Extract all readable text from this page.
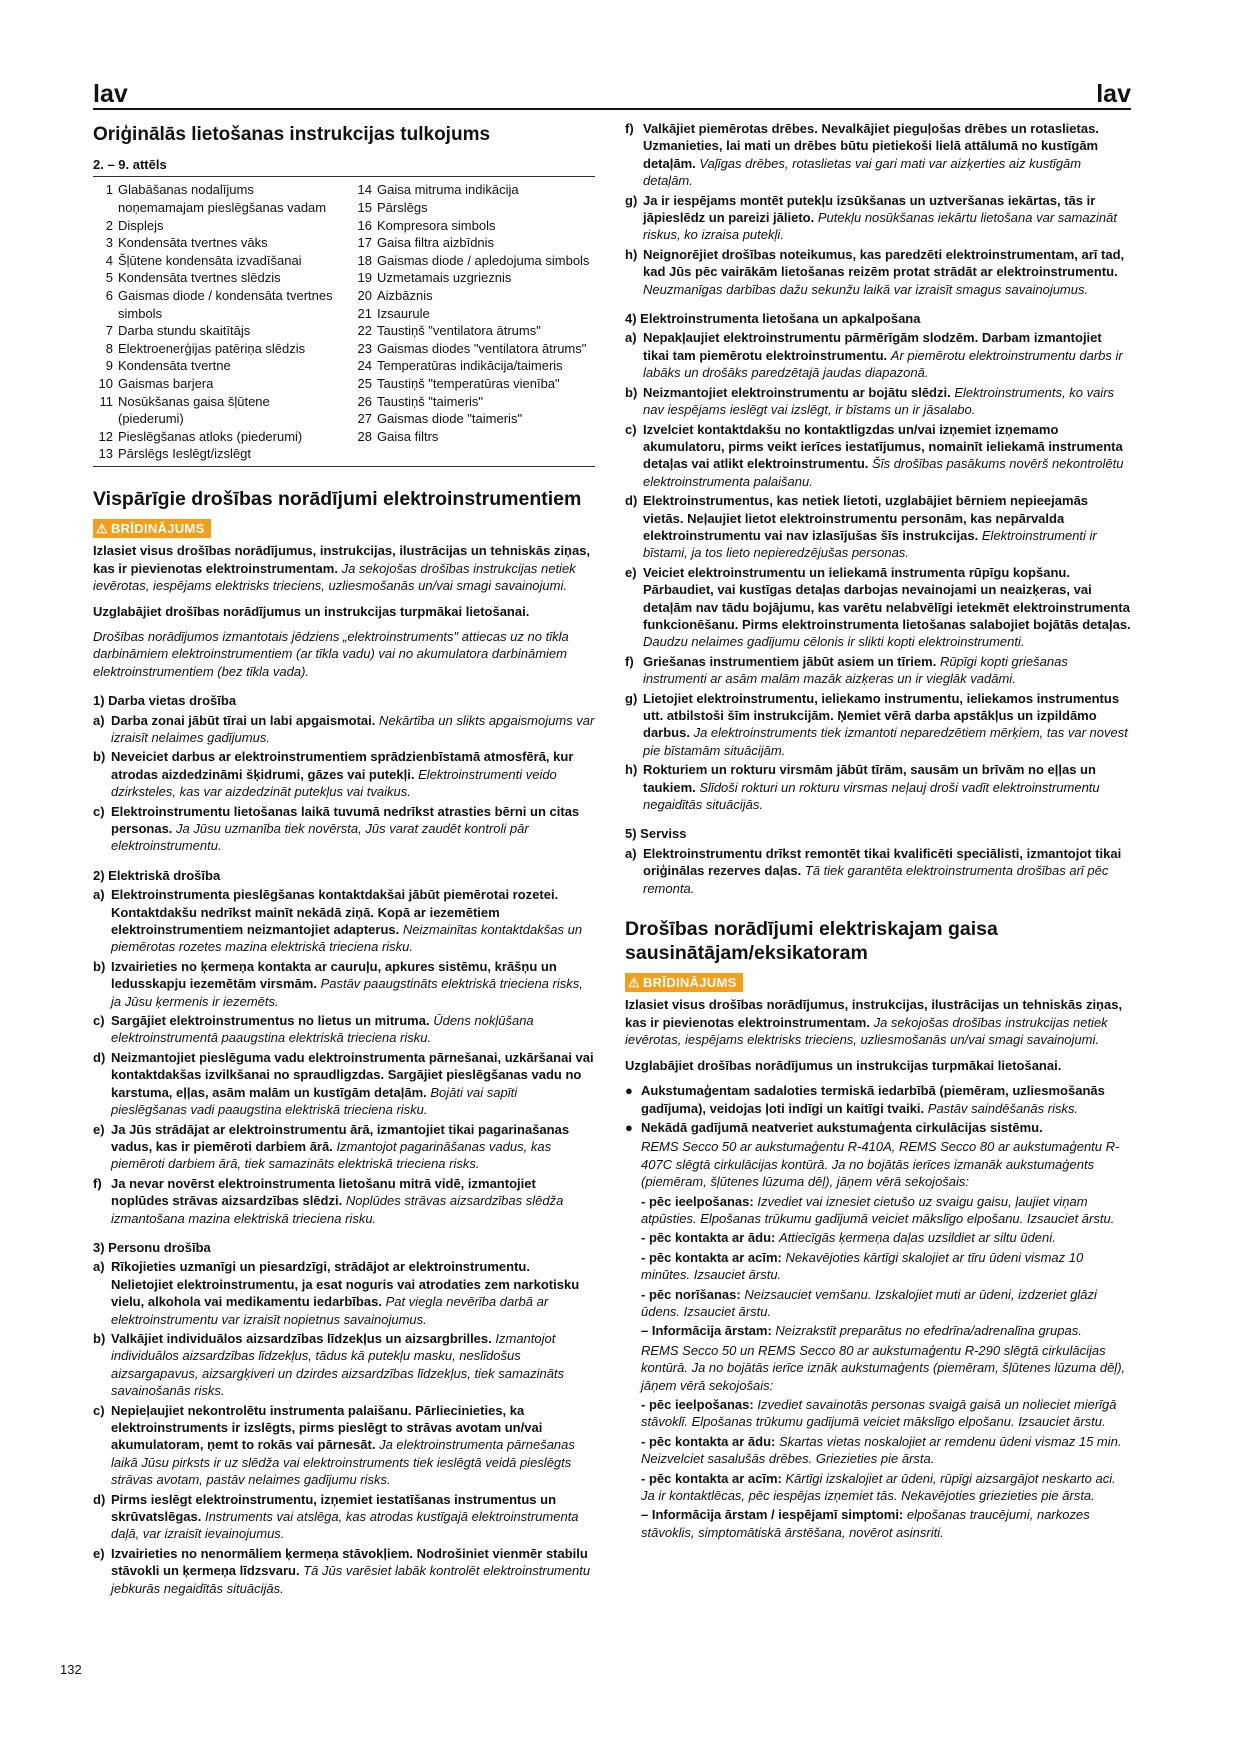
lav	lav
Oriģinālās lietošanas instrukcijas tulkojums
2. – 9. attēls
1 Glabāšanas nodalījums noņemamajam pieslēgšanas vadam
2 Displejs
3 Kondensāta tvertnes vāks
4 Šļūtene kondensāta izvadīšanai
5 Kondensāta tvertnes slēdzis
6 Gaismas diode / kondensāta tvertnes simbols
7 Darba stundu skaitītājs
8 Elektroenerģijas patēriņa slēdzis
9 Kondensāta tvertne
10 Gaismas barjera
11 Nosūkšanas gaisa šļūtene (piederumi)
12 Pieslēgšanas atloks (piederumi)
13 Pārslēgs Ieslēgt/izslēgt
14 Gaisa mitruma indikācija
15 Pārslēgs
16 Kompresora simbols
17 Gaisa filtra aizbīdnis
18 Gaismas diode / apledojuma simbols
19 Uzmetamais uzgrieznis
20 Aizbāznis
21 Izsaurule
22 Taustiņš "ventilatora ātrums"
23 Gaismas diodes "ventilatora ātrums"
24 Temperatūras indikācija/taimeris
25 Taustiņš "temperatūras vienība"
26 Taustiņš "taimeris"
27 Gaismas diode "taimeris"
28 Gaisa filtrs
Vispārīgie drošības norādījumi elektroinstrumentiem
⚠ BRĪDINĀJUMS

Izlasiet visus drošības norādījumus, instrukcijas, ilustrācijas un tehniskās ziņas, kas ir pievienotas elektroinstrumentam. Ja sekojošas drošības instrukcijas netiek ievērotas, iespējams elektrisks trieciens, uzliesmošanās un/vai smagi savainojumi.

Uzglabājiet drošības norādījumus un instrukcijas turpmākai lietošanai.

Drošības norādījumos izmantotais jēdziens „elektroinstruments" attiecas uz no tīkla darbināmiem elektroinstrumentiem (ar tīkla vadu) vai no akumulatora darbināmiem elektroinstrumentiem (bez tīkla vada).

1) Darba vietas drošība
a) Darba zonai jābūt tīrai un labi apgaismotai. Nekārtība un slikts apgaismojums var izraisīt nelaimes gadījumus.
b) Neveiciet darbus ar elektroinstrumentiem sprādzienbīstamā atmosfērā, kur atrodas aizdedzināmi šķidrumi, gāzes vai putekļi. Elektroinstrumenti veido dzirksteles, kas var aizdedzināt putekļus vai tvaikus.
c) Elektroinstrumentu lietošanas laikā tuvumā nedrīkst atrasties bērni un citas personas. Ja Jūsu uzmanība tiek novērsta, Jūs varat zaudēt kontroli pār elektroinstrumentu.
2) Elektriskā drošība
a) Elektroinstrumenta pieslēgšanas kontaktdakšai jābūt piemērotai rozetei. Kontaktdakšu nedrīkst mainīt nekādā ziņā. Kopā ar iezemētiem elektroinstrumentiem neizmantojiet adapterus. Neizmainītas kontaktdakšas un piemērotas rozetes mazina elektriskā trieciena risku.
b) Izvairieties no ķermeņa kontakta ar cauruļu, apkures sistēmu, krāšņu un ledusskapju iezemētām virsmām. Pastāv paaugstināts elektriskā trieciena risks, ja Jūsu ķermenis ir iezemēts.
c) Sargājiet elektroinstrumentus no lietus un mitruma. Ūdens nokļūšana elektroinstrumentā paaugstina elektriskā trieciena risku.
d) Neizmantojiet pieslēguma vadu elektroinstrumenta pārnešanai, uzkāršanai vai kontaktdakšas izvilkšanai no spraudligzdas. Sargājiet pieslēgšanas vadu no karstuma, eļļas, asām malām un kustīgām detaļām. Bojāti vai sapīti pieslēgšanas vadi paaugstina elektriskā trieciena risku.
e) Ja Jūs strādājat ar elektroinstrumentu ārā, izmantojiet tikai pagarinašanas vadus, kas ir piemēroti darbiem ārā. Izmantojot pagarināšanas vadus, kas piemēroti darbiem ārā, tiek samazināts elektriskā trieciena risks.
f) Ja nevar novērst elektroinstrumenta lietošanu mitrā vidē, izmantojiet noplūdes strāvas aizsardzības slēdzi. Noplūdes strāvas aizsardzības slēdža izmantošana mazina elektriskā trieciena risku.
3) Personu drošība
a) Rīkojieties uzmanīgi un piesardzīgi, strādājot ar elektroinstrumentu. Nelietojiet elektroinstrumentu, ja esat noguris vai atrodaties zem narkotisku vielu, alkohola vai medikamentu iedarbības. Pat viegla nevērība darbā ar elektroinstrumentu var izraisīt nopietnus savainojumus.
b) Valkājiet individuālos aizsardzības līdzekļus un aizsargbrilles. Izmantojot individuālos aizsardzības līdzekļus, tādus kā putekļu masku, neslīdošus aizsargapavus, aizsargķiveri un dzirdes aizsardzības līdzekļus, tiek samazināts savainošanās risks.
c) Nepieļaujiet nekontrolētu instrumenta palaišanu. Pārliecinieties, ka elektroinstruments ir izslēgts, pirms pieslēgt to strāvas avotam un/vai akumulatoram, ņemt to rokās vai pārnesāt. Ja elektroinstrumenta pārnešanas laikā Jūsu pirksts ir uz slēdža vai elektroinstruments tiek ieslēgtā veidā pieslēgts strāvas avotam, pastāv nelaimes gadījumu risks.
d) Pirms ieslēgt elektroinstrumentu, izņemiet iestatīšanas instrumentus un skrūvatslēgas. Instruments vai atslēga, kas atrodas kustīgajā elektroinstrumenta daļā, var izraisīt ievainojumus.
e) Izvairieties no nenormāliem ķermeņa stāvokļiem. Nodrošiniet vienmēr stabilu stāvokli un ķermeņa līdzsvaru. Tā Jūs varēsiet labāk kontrolēt elektroinstrumentu jebkurās negaidītās situācijās.
f) Valkājiet piemērotas drēbes. Nevalkājiet pieguļošas drēbes un rotaslietas. Uzmanieties, lai mati un drēbes būtu pietiekoši lielā attālumā no kustīgām detaļām. Vaļīgas drēbes, rotaslietas vai gari mati var aizķerties aiz kustīgām detaļām.
g) Ja ir iespējams montēt putekļu izsūkšanas un uztveršanas iekārtas, tās ir jāpieslēdz un pareizi jālieto. Putekļu nosūkšanas iekārtu lietošana var samazināt riskus, ko izraisa putekļi.
h) Neignorējiet drošības noteikumus, kas paredzēti elektroinstrumentam, arī tad, kad Jūs pēc vairākām lietošanas reizēm protat strādāt ar elektroinstrumentu. Neuzmanīgas darbības dažu sekunžu laikā var izraisīt smagus savainojumus.
4) Elektroinstrumenta lietošana un apkalpošana
a) Nepakļaujiet elektroinstrumentu pārmērīgām slodzēm. Darbam izmantojiet tikai tam piemērotu elektroinstrumentu. Ar piemērotu elektroinstrumentu darbs ir labāks un drošāks paredzētajā jaudas diapazonā.
b) Neizmantojiet elektroinstrumentu ar bojātu slēdzi. Elektroinstruments, ko vairs nav iespējams ieslēgt vai izslēgt, ir bīstams un ir jāsalabo.
c) Izvelciet kontaktdakšu no kontaktligzdas un/vai izņemiet izņemamo akumulatoru, pirms veikt ierīces iestatījumus, nomainīt ieliekamā instrumenta detaļas vai atlikt elektroinstrumentu. Šīs drošības pasākums novērš nekontrolētu elektroinstrumenta palaišanu.
d) Elektroinstrumentus, kas netiek lietoti, uzglabājiet bērniem nepieejamās vietās. Neļaujiet lietot elektroinstrumentu personām, kas nepārvalda elektroinstrumentu vai nav izlasījušas šīs instrukcijas. Elektroinstrumenti ir bīstami, ja tos lieto nepieredzējušas personas.
e) Veiciet elektroinstrumentu un ieliekamā instrumenta rūpīgu kopšanu. Pārbaudiet, vai kustīgas detaļas darbojas nevainojami un neaizķeras, vai detaļām nav tādu bojājumu, kas varētu nelabvēlīgi ietekmēt elektroinstrumenta funkcionēšanu. Pirms elektroinstrumenta lietošanas salabojiet bojātās detaļas. Daudzu nelaimes gadījumu cēlonis ir slikti kopti elektroinstrumenti.
f) Griešanas instrumentiem jābūt asiem un tīriem. Rūpīgi kopti griešanas instrumenti ar asām malām mazāk aizķeras un ir vieglāk vadāmi.
g) Lietojiet elektroinstrumentu, ieliekamo instrumentu, ieliekamos instrumentus utt. atbilstoši šīm instrukcijām. Ņemiet vērā darba apstākļus un izpildāmo darbus. Ja elektroinstruments tiek izmantoti neparedzētiem mērķiem, tas var novest pie bīstamām situācijām.
h) Rokturiem un rokturu virsmām jābūt tīrām, sausām un brīvām no eļļas un taukiem. Slīdoši rokturi un rokturu virsmas neļauj droši vadīt elektroinstrumentu negaidītās situācijās.
5) Serviss
a) Elektroinstrumentu drīkst remontēt tikai kvalificēti speciālisti, izmantojot tikai oriģinālas rezerves daļas. Tā tiek garantēta elektroinstrumenta drošības arī pēc remonta.
Drošības norādījumi elektriskajam gaisa sausinātājam/eksikatoram
⚠ BRĪDINĀJUMS

Izlasiet visus drošības norādījumus, instrukcijas, ilustrācijas un tehniskās ziņas, kas ir pievienotas elektroinstrumentam. Ja sekojošas drošības instrukcijas netiek ievērotas, iespējams elektrisks trieciens, uzliesmošanās un/vai smagi savainojumi.

Uzglabājiet drošības norādījumus un instrukcijas turpmākai lietošanai.

● Aukstumaģentam sadaloties termiskā iedarbībā (piemēram, uzliesmošanās gadījuma), veidojas ļoti indīgi un kaitīgi tvaiki. Pastāv saindēšanās risks.
● Nekādā gadījumā neatveriet aukstumaģenta cirkulācijas sistēmu.
REMS Secco 50 ar aukstumaģentu R-410A, REMS Secco 80 ar aukstumaģentu R-407C slēgtā cirkulācijas kontūrā. Ja no bojātās ierīces izmanāk aukstumaģents (piemēram, šļūtenes lūzuma dēļ), jāņem vērā sekojošais:
- pēc ieelpošanas: Izvediet vai iznesiet cietušo uz svaigu gaisu, ļaujiet viņam atpūsties. Elpošanas trūkumu gadījumā veiciet mākslīgo elpošanu. Izsauciet ārstu.
- pēc kontakta ar ādu: Attiecīgās ķermeņa daļas uzsildiet ar siltu ūdeni.
- pēc kontakta ar acīm: Nekavējoties kārtīgi skalojiet ar tīru ūdeni vismaz 10 minūtes. Izsauciet ārstu.
- pēc norīšanas: Neizsauciet vemšanu. Izskalojiet muti ar ūdeni, izdzeriet glāzi ūdens. Izsauciet ārstu.
– Informācija ārstam: Neizrakstīt preparātus no efedrīna/adrenalīna grupas.
REMS Secco 50 un REMS Secco 80 ar aukstumaģentu R-290 slēgtā cirkulācijas kontūrā. Ja no bojātās ierīce iznāk aukstumaģents (piemēram, šļūtenes lūzuma dēļ), jāņem vērā sekojošais:
- pēc ieelpošanas: Izvediet savainotās personas svaigā gaisā un nolieciet mierīgā stāvoklī. Elpošanas trūkumu gadījumā veiciet mākslīgo elpošanu. Izsauciet ārstu.
- pēc kontakta ar ādu: Skartas vietas noskalojiet ar remdenu ūdeni vismaz 15 min. Neizvelciet sasalušās drēbes. Griezieties pie ārsta.
- pēc kontakta ar acīm: Kārtīgi izskalojiet ar ūdeni, rūpīgi aizsargājot neskarto aci. Ja ir kontaktlēcas, pēc iespējas izņemiet tās. Nekavējoties griezieties pie ārsta.
– Informācija ārstam / iespējamī simptomi: elpošanas traucējumi, narkozes stāvoklis, simptomātiskā ārstēšana, novērot asinsriti.
132
